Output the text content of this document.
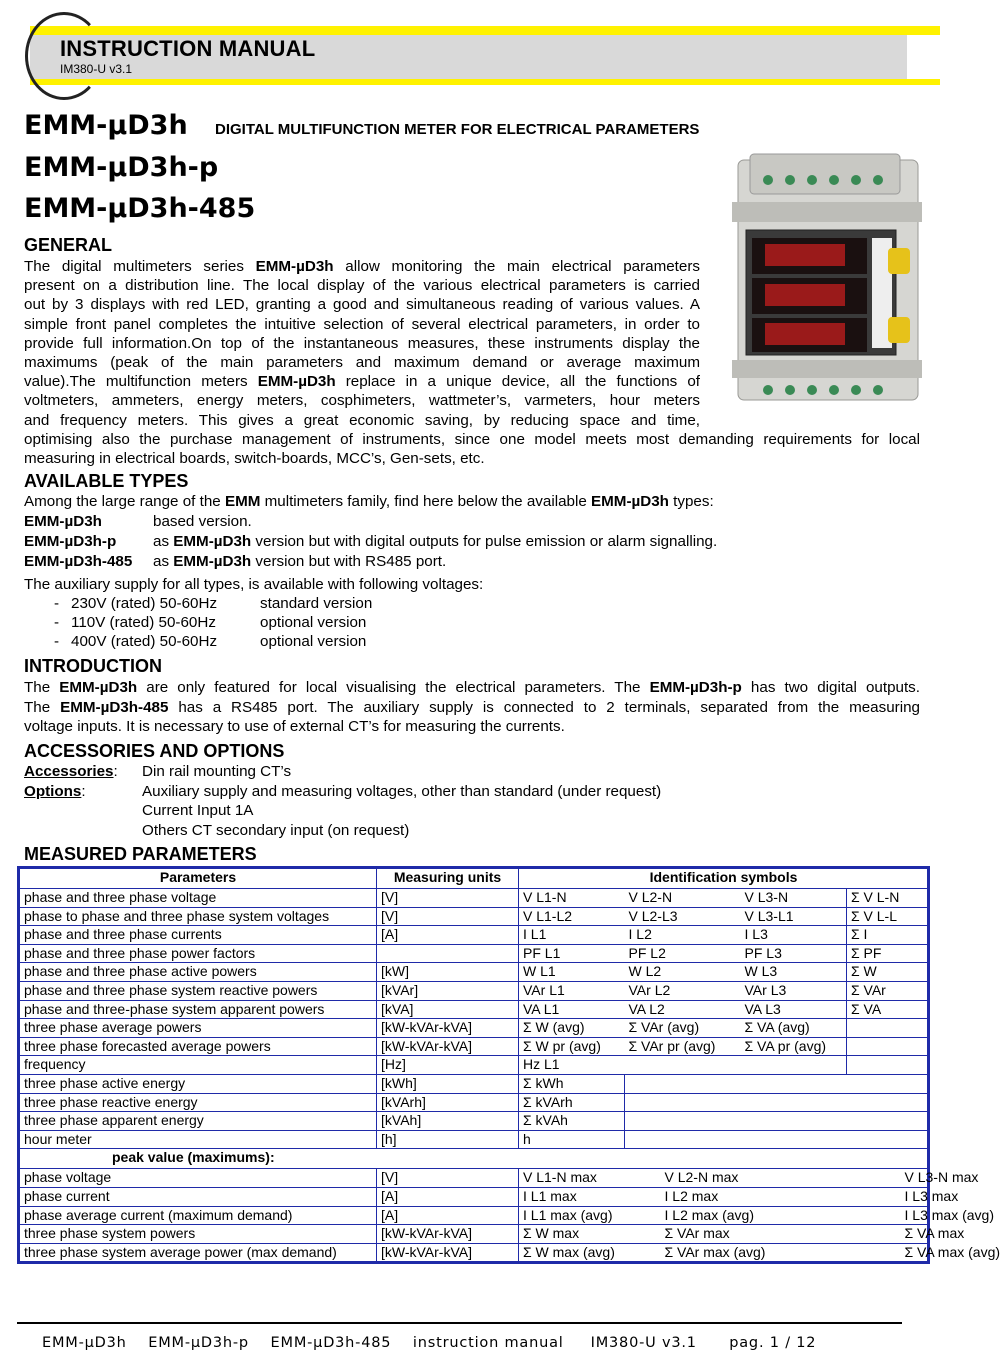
INSTRUCTION MANUAL
IM380-U v3.1
EMM-µD3h DIGITAL MULTIFUNCTION METER FOR ELECTRICAL PARAMETERS
EMM-µD3h-p
EMM-µD3h-485
GENERAL
The digital multimeters series EMM-µD3h allow monitoring the main electrical parameters
present on a distribution line. The local display of the various electrical parameters is carried
out by 3 displays with red LED, granting a good and simultaneous reading of various values. A
simple front panel completes the intuitive selection of several electrical parameters, in order to
provide full information.On top of the instantaneous measures, these instruments display the
maximums (peak of the main parameters and maximum demand or average maximum
value).The multifunction meters EMM-µD3h replace in a unique device, all the functions of
voltmeters, ammeters, energy meters, cosphimeters, wattmeter’s, varmeters, hour meters
and frequency meters. This gives a great economic saving, by reducing space and time,
optimising also the purchase management of instruments, since one model meets most demanding requirements for local
measuring in electrical boards, switch-boards, MCC’s, Gen-sets, etc.
AVAILABLE TYPES
Among the large range of the EMM multimeters family, find here below the available EMM-µD3h types:
EMM-µD3h	based version.
EMM-µD3h-p	as EMM-µD3h version but with digital outputs for pulse emission or alarm signalling.
EMM-µD3h-485	as EMM-µD3h version but with RS485 port.
The auxiliary supply for all types, is available with following voltages:
- 230V (rated) 50-60Hz	standard version
- 110V (rated) 50-60Hz	optional version
- 400V (rated) 50-60Hz	optional version
INTRODUCTION
The EMM-µD3h are only featured for local visualising the electrical parameters. The EMM-µD3h-p has two digital outputs.
The EMM-µD3h-485 has a RS485 port. The auxiliary supply is connected to 2 terminals, separated from the measuring
voltage inputs. It is necessary to use of external CT’s for measuring the currents.
ACCESSORIES AND OPTIONS
Accessories: Din rail mounting CT’s
Options:	Auxiliary supply and measuring voltages, other than standard (under request)
Current Input 1A
Others CT secondary input (on request)
MEASURED PARAMETERS
Parameters	Measuring units	Identification symbols			
phase and three phase voltage	[V]	V L1-N	V L2-N	V L3-N	Σ V L-N
phase to phase and three phase system voltages	[V]	V L1-L2	V L2-L3	V L3-L1	Σ V L-L
phase and three phase currents	[A]	I L1	I L2	I L3	Σ I
phase and three phase power factors		PF L1	PF L2	PF L3	Σ PF
phase and three phase active powers	[kW]	W L1	W L2	W L3	Σ W
phase and three phase system reactive powers	[kVAr]	VAr L1	VAr L2	VAr L3	Σ VAr
phase and three-phase system apparent powers	[kVA]	VA L1	VA L2	VA L3	Σ VA
three phase average powers	[kW-kVAr-kVA]	Σ W (avg)	Σ VAr (avg)	Σ VA (avg)	
three phase forecasted average powers	[kW-kVAr-kVA]	Σ W pr (avg)	Σ VAr pr (avg)	Σ VA pr (avg)	
frequency	[Hz]	Hz L1			
three phase active energy	[kWh]	Σ kWh			
three phase reactive energy	[kVArh]	Σ kVArh			
three phase apparent energy	[kVAh]	Σ kVAh			
hour meter	[h]	h			
peak value (maximums):					
phase voltage	[V]	V L1-N max	V L2-N max		V L3-N max
phase current	[A]	I L1 max	I L2 max		I L3 max
phase average current (maximum demand)	[A]	I L1 max (avg)	I L2 max (avg)		I L3 max (avg)
three phase system powers	[kW-kVAr-kVA]	Σ W max	Σ VAr max		Σ VA max
three phase system average power (max demand)	[kW-kVAr-kVA]	Σ W max (avg)	Σ VAr max (avg)		Σ VA max (avg)
EMM-µD3h    EMM-µD3h-p    EMM-µD3h-485    instruction manual     IM380-U v3.1      pag. 1 / 12
